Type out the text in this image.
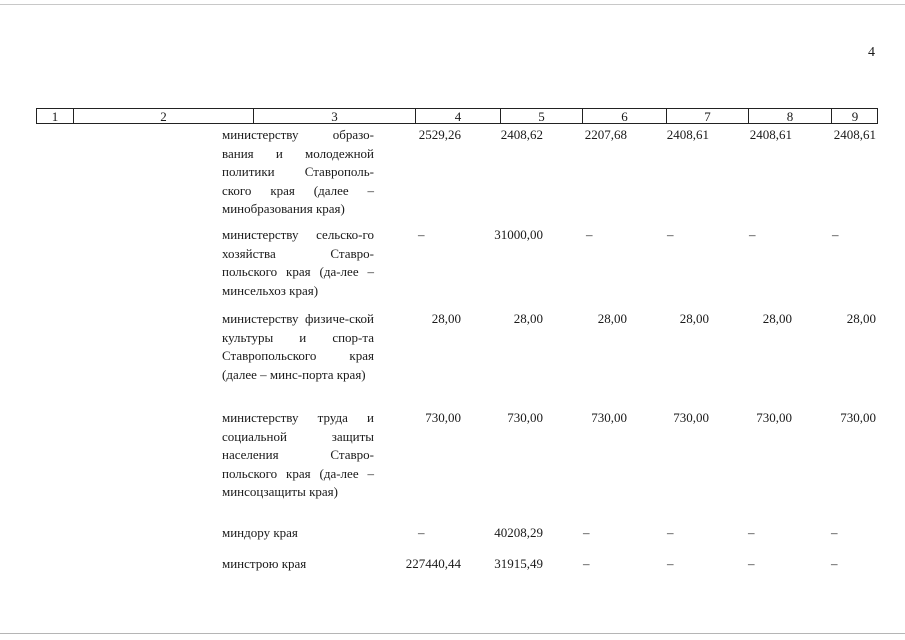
4
1	2	3	4	5	6	7	8	9
министерству образо-вания и молодежной политики Ставрополь-ского края (далее – минобразования края)
2529,26	2408,62	2207,68	2408,61	2408,61	2408,61
министерству сельско-го хозяйства Ставро-польского края (да-лее – минсельхоз края)
–	31000,00	–	–	–	–
министерству физиче-ской культуры и спор-та Ставропольского края (далее – минс-порта края)
28,00	28,00	28,00	28,00	28,00	28,00
министерству труда и социальной защиты населения Ставро-польского края (да-лее – минсоцзащиты края)
730,00	730,00	730,00	730,00	730,00	730,00
миндору края	–	40208,29	–	–	–	–
минстрою края	227440,44	31915,49	–	–	–	–
